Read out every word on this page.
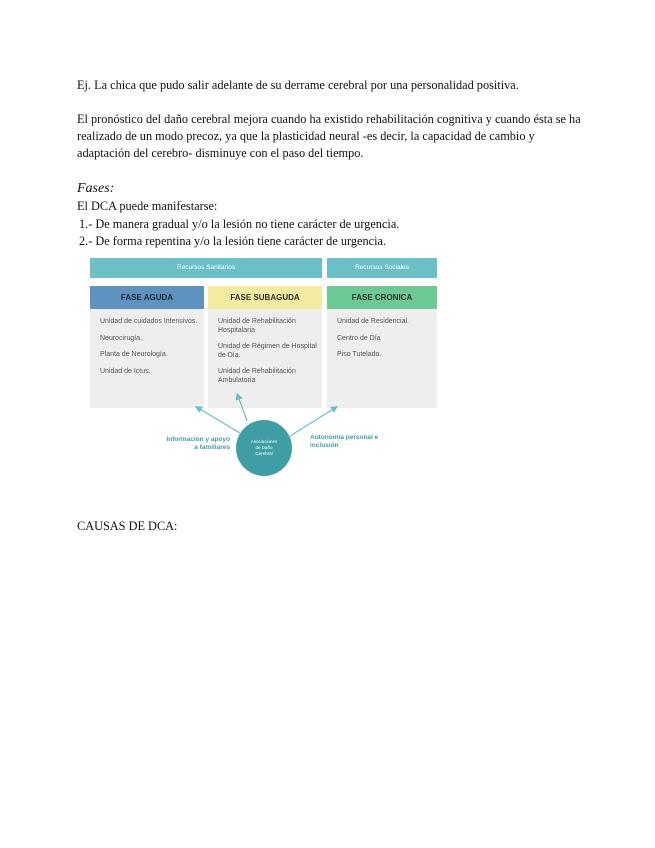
Ej. La chica que pudo salir adelante de su derrame cerebral por una personalidad positiva.

El pronóstico del daño cerebral mejora cuando ha existido rehabilitación cognitiva y cuando ésta se ha realizado de un modo precoz, ya que la plasticidad neural -es decir, la capacidad de cambio y adaptación del cerebro- disminuye con el paso del tiempo.

Fases:

El DCA puede manifestarse:

1.- De manera gradual y/o la lesión no tiene carácter de urgencia.

2.- De forma repentina y/o la lesión tiene carácter de urgencia.

Recursos Sanitarios	Recursos Sociales
FASE AGUDA
Unidad de cuidados Intensivos.
Neurocirugía.
Planta de Neurología.
Unidad de Ictus.
FASE SUBAGUDA
Unidad de Rehabilitación Hospitalaria
Unidad de Régimen de Hospital de Día.
Unidad de Rehabilitación Ambulatoria
FASE CRONICA
Unidad de Residencial.
Centro de Día
Piso Tutelado.
Asociaciones
de Daño
Cerebral
Información y apoyo
a familiares
Autonomía personal e
inclusión

CAUSAS DE DCA:
